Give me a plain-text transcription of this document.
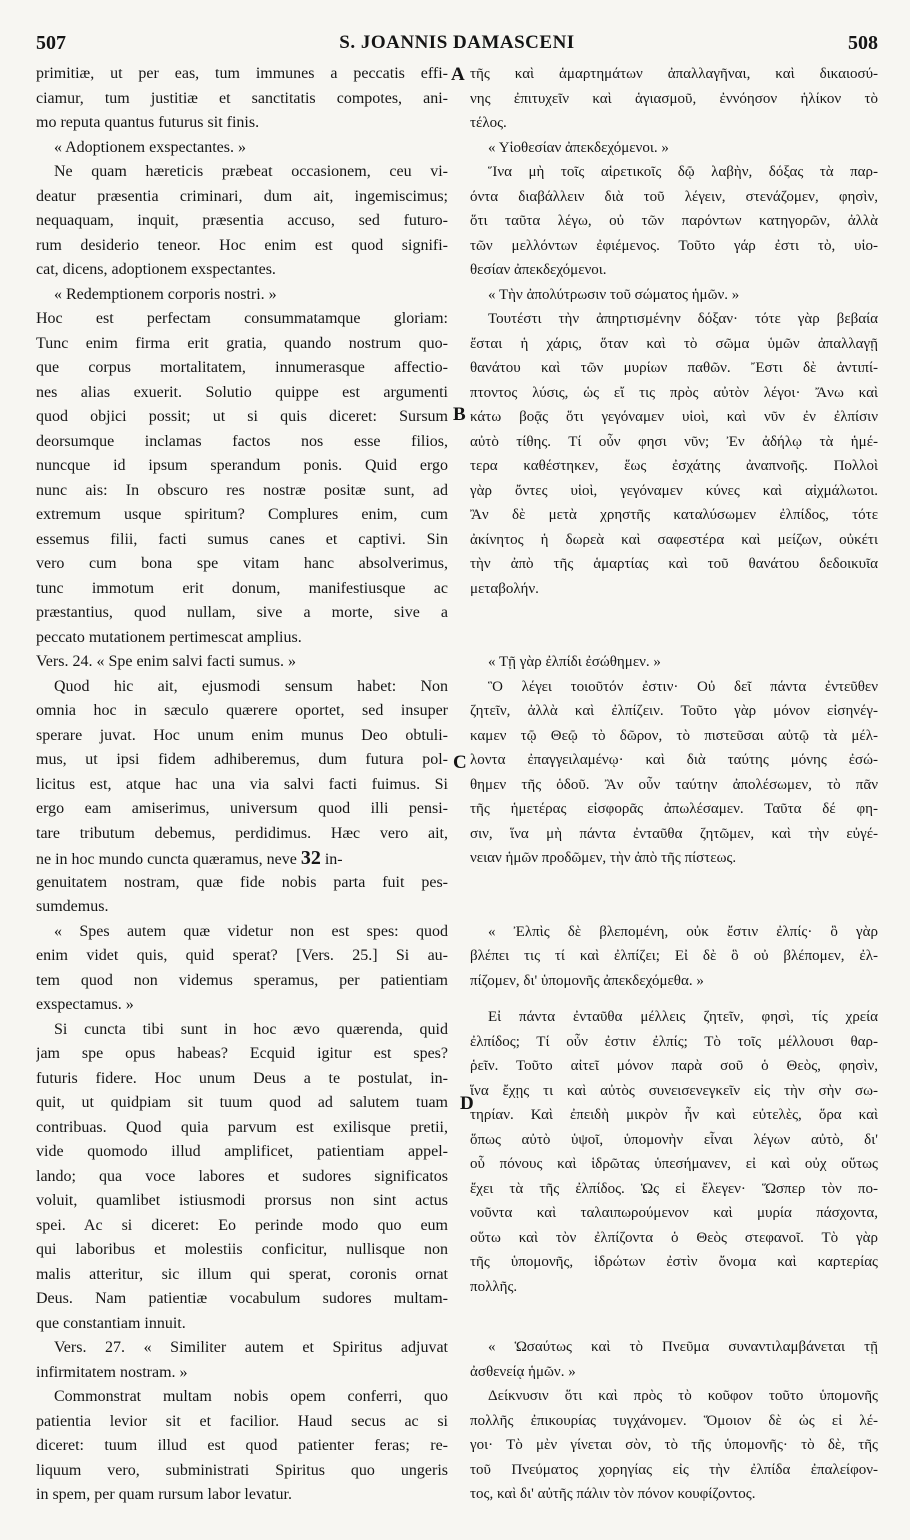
507	S. JOANNIS DAMASCENI	508
A
B
C
D
primitiæ, ut per eas, tum immunes a peccatis effi-
ciamur, tum justitiæ et sanctitatis compotes, ani-
mo reputa quantus futurus sit finis.
« Adoptionem exspectantes. »
Ne quam hæreticis præbeat occasionem, ceu vi-
deatur præsentia criminari, dum ait, ingemiscimus;
nequaquam, inquit, præsentia accuso, sed futuro-
rum desiderio teneor. Hoc enim est quod signifi-
cat, dicens, adoptionem exspectantes.
« Redemptionem corporis nostri. »
Hoc est perfectam consummatamque gloriam:
Tunc enim firma erit gratia, quando nostrum quo-
que corpus mortalitatem, innumerasque affectio-
nes alias exuerit. Solutio quippe est argumenti
quod objici possit; ut si quis diceret: Sursum
deorsumque inclamas factos nos esse filios,
nuncque id ipsum sperandum ponis. Quid ergo
nunc ais: In obscuro res nostræ positæ sunt, ad
extremum usque spiritum? Complures enim, cum
essemus filii, facti sumus canes et captivi. Sin
vero cum bona spe vitam hanc absolverimus,
tunc immotum erit donum, manifestiusque ac
præstantius, quod nullam, sive a morte, sive a
peccato mutationem pertimescat amplius.
Vers. 24. « Spe enim salvi facti sumus. »
Quod hic ait, ejusmodi sensum habet: Non
omnia hoc in sæculo quærere oportet, sed insuper
sperare juvat. Hoc unum enim munus Deo obtuli-
mus, ut ipsi fidem adhiberemus, dum futura pol-
licitus est, atque hac una via salvi facti fuimus. Si
ergo eam amiserimus, universum quod illi pensi-
tare tributum debemus, perdidimus. Hæc vero ait,
ne in hoc mundo cuncta quæramus, neve 32 in-
genuitatem nostram, quæ fide nobis parta fuit pes-
sumdemus.
« Spes autem quæ videtur non est spes: quod
enim videt quis, quid sperat? [Vers. 25.] Si au-
tem quod non videmus speramus, per patientiam
exspectamus. »
Si cuncta tibi sunt in hoc ævo quærenda, quid
jam spe opus habeas? Ecquid igitur est spes?
futuris fidere. Hoc unum Deus a te postulat, in-
quit, ut quidpiam sit tuum quod ad salutem tuam
contribuas. Quod quia parvum est exilisque pretii,
vide quomodo illud amplificet, patientiam appel-
lando; qua voce labores et sudores significatos
voluit, quamlibet istiusmodi prorsus non sint actus
spei. Ac si diceret: Eo perinde modo quo eum
qui laboribus et molestiis conficitur, nullisque non
malis atteritur, sic illum qui sperat, coronis ornat
Deus. Nam patientiæ vocabulum sudores multam-
que constantiam innuit.
Vers. 27. « Similiter autem et Spiritus adjuvat
infirmitatem nostram. »
Commonstrat multam nobis opem conferri, quo
patientia levior sit et facilior. Haud secus ac si
diceret: tuum illud est quod patienter feras; re-
liquum vero, subministrati Spiritus quo ungeris
in spem, per quam rursum labor levatur.
τῆς καὶ ἁμαρτημάτων ἀπαλλαγῆναι, καὶ δικαιοσύ-
νης ἐπιτυχεῖν καὶ ἁγιασμοῦ, ἐννόησον ἡλίκον τὸ
τέλος.
« Υἱοθεσίαν ἀπεκδεχόμενοι. »
Ἵνα μὴ τοῖς αἱρετικοῖς δῷ λαβὴν, δόξας τὰ παρ-
όντα διαβάλλειν διὰ τοῦ λέγειν, στενάζομεν, φησὶν,
ὅτι ταῦτα λέγω, οὐ τῶν παρόντων κατηγορῶν, ἀλλὰ
τῶν μελλόντων ἐφιέμενος. Τοῦτο γάρ ἐστι τὸ, υἱο-
θεσίαν ἀπεκδεχόμενοι.
« Τὴν ἀπολύτρωσιν τοῦ σώματος ἡμῶν. »
Τουτέστι τὴν ἀπηρτισμένην δόξαν· τότε γὰρ βεβαία
ἔσται ἡ χάρις, ὅταν καὶ τὸ σῶμα ὑμῶν ἀπαλλαγῇ
θανάτου καὶ τῶν μυρίων παθῶν. Ἔστι δὲ ἀντιπί-
πτοντος λύσις, ὡς εἴ τις πρὸς αὐτὸν λέγοι· Ἄνω καὶ
κάτω βοᾷς ὅτι γεγόναμεν υἱοὶ, καὶ νῦν ἐν ἐλπίσιν
αὐτὸ τίθης. Τί οὖν φησι νῦν; Ἐν ἀδήλῳ τὰ ἡμέ-
τερα καθέστηκεν, ἕως ἐσχάτης ἀναπνοῆς. Πολλοὶ
γὰρ ὄντες υἱοὶ, γεγόναμεν κύνες καὶ αἰχμάλωτοι.
Ἂν δὲ μετὰ χρηστῆς καταλύσωμεν ἐλπίδος, τότε
ἀκίνητος ἡ δωρεὰ καὶ σαφεστέρα καὶ μείζων, οὐκέτι
τὴν ἀπὸ τῆς ἁμαρτίας καὶ τοῦ θανάτου δεδοικυῖα
μεταβολήν.
« Τῇ γὰρ ἐλπίδι ἐσώθημεν. »
Ὃ λέγει τοιοῦτόν ἐστιν· Οὐ δεῖ πάντα ἐντεῦθεν
ζητεῖν, ἀλλὰ καὶ ἐλπίζειν. Τοῦτο γὰρ μόνον εἰσηνέγ-
καμεν τῷ Θεῷ τὸ δῶρον, τὸ πιστεῦσαι αὐτῷ τὰ μέλ-
λοντα ἐπαγγειλαμένῳ· καὶ διὰ ταύτης μόνης ἐσώ-
θημεν τῆς ὁδοῦ. Ἂν οὖν ταύτην ἀπολέσωμεν, τὸ πᾶν
τῆς ἡμετέρας εἰσφορᾶς ἀπωλέσαμεν. Ταῦτα δέ φη-
σιν, ἵνα μὴ πάντα ἐνταῦθα ζητῶμεν, καὶ τὴν εὐγέ-
νειαν ἡμῶν προδῶμεν, τὴν ἀπὸ τῆς πίστεως.
« Ἐλπὶς δὲ βλεπομένη, οὐκ ἔστιν ἐλπίς· ὃ γὰρ
βλέπει τις τί καὶ ἐλπίζει; Εἰ δὲ ὃ οὐ βλέπομεν, ἐλ-
πίζομεν, δι' ὑπομονῆς ἀπεκδεχόμεθα. »
Εἰ πάντα ἐνταῦθα μέλλεις ζητεῖν, φησὶ, τίς χρεία
ἐλπίδος; Τί οὖν ἐστιν ἐλπίς; Τὸ τοῖς μέλλουσι θαρ-
ῥεῖν. Τοῦτο αἰτεῖ μόνον παρὰ σοῦ ὁ Θεὸς, φησὶν,
ἵνα ἔχῃς τι καὶ αὐτὸς συνεισενεγκεῖν εἰς τὴν σὴν σω-
τηρίαν. Καὶ ἐπειδὴ μικρὸν ἦν καὶ εὐτελὲς, ὅρα καὶ
ὅπως αὐτὸ ὑψοῖ, ὑπομονὴν εἶναι λέγων αὐτὸ, δι'
οὗ πόνους καὶ ἱδρῶτας ὑπεσήμανεν, εἰ καὶ οὐχ οὕτως
ἔχει τὰ τῆς ἐλπίδος. Ὡς εἰ ἔλεγεν· Ὥσπερ τὸν πο-
νοῦντα καὶ ταλαιπωρούμενον καὶ μυρία πάσχοντα,
οὕτω καὶ τὸν ἐλπίζοντα ὁ Θεὸς στεφανοῖ. Τὸ γὰρ
τῆς ὑπομονῆς, ἱδρώτων ἐστὶν ὄνομα καὶ καρτερίας
πολλῆς.
« Ὡσαύτως καὶ τὸ Πνεῦμα συναντιλαμβάνεται τῇ
ἀσθενείᾳ ἡμῶν. »
Δείκνυσιν ὅτι καὶ πρὸς τὸ κοῦφον τοῦτο ὑπομονῆς
πολλῆς ἐπικουρίας τυγχάνομεν. Ὅμοιον δὲ ὡς εἰ λέ-
γοι· Τὸ μὲν γίνεται σὸν, τὸ τῆς ὑπομονῆς· τὸ δὲ, τῆς
τοῦ Πνεύματος χορηγίας εἰς τὴν ἐλπίδα ἐπαλείφον-
τος, καὶ δι' αὐτῆς πάλιν τὸν πόνον κουφίζοντος.
